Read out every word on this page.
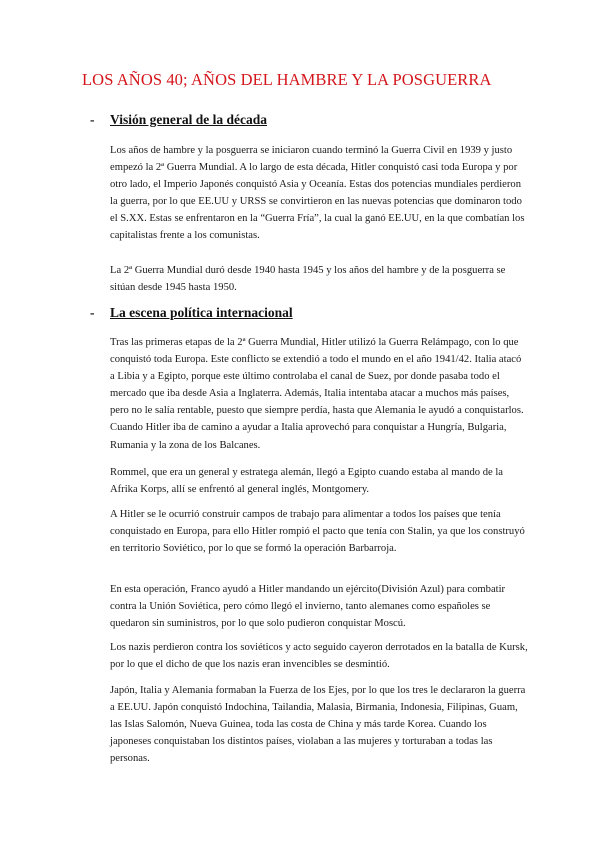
LOS AÑOS 40; AÑOS DEL HAMBRE Y LA POSGUERRA
- Visión general de la década

Los años de hambre y la posguerra se iniciaron cuando terminó la Guerra Civil en 1939 y justo empezó la 2ª Guerra Mundial. A lo largo de esta década, Hitler conquistó casi toda Europa y por otro lado, el Imperio Japonés conquistó Asia y Oceanía. Estas dos potencias mundiales perdieron la guerra, por lo que EE.UU y URSS se convirtieron en las nuevas potencias que dominaron todo el S.XX. Estas se enfrentaron en la “Guerra Fría”, la cual la ganó EE.UU, en la que combatían los capitalistas frente a los comunistas.

La 2ª Guerra Mundial duró desde 1940 hasta 1945 y los años del hambre y de la posguerra se sitúan desde 1945 hasta 1950.

- La escena política internacional

Tras las primeras etapas de la 2ª Guerra Mundial, Hitler utilizó la Guerra Relámpago, con lo que conquistó toda Europa. Este conflicto se extendió a todo el mundo en el año 1941/42. Italia atacó a Libia y a Egipto, porque este último controlaba el canal de Suez, por donde pasaba todo el mercado que iba desde Asia a Inglaterra. Además, Italia intentaba atacar a muchos más países, pero no le salía rentable, puesto que siempre perdía, hasta que Alemania le ayudó a conquistarlos. Cuando Hitler iba de camino a ayudar a Italia aprovechó para conquistar a Hungría, Bulgaria, Rumania y la zona de los Balcanes.

Rommel, que era un general y estratega alemán, llegó a Egipto cuando estaba al mando de la Afrika Korps, allí se enfrentó al general inglés, Montgomery.

A Hitler se le ocurrió construir campos de trabajo para alimentar a todos los países que tenía conquistado en Europa, para ello Hitler rompió el pacto que tenía con Stalin, ya que los construyó en territorio Soviético, por lo que se formó la operación Barbarroja.

En esta operación, Franco ayudó a Hitler mandando un ejército(División Azul) para combatir contra la Unión Soviética, pero cómo llegó el invierno, tanto alemanes como españoles se quedaron sin suministros, por lo que solo pudieron conquistar Moscú.

Los nazis perdieron contra los soviéticos y acto seguido cayeron derrotados en la batalla de Kursk, por lo que el dicho de que los nazis eran invencibles se desmintió.

Japón, Italia y Alemania formaban la Fuerza de los Ejes, por lo que los tres le declararon la guerra a EE.UU. Japón conquistó Indochina, Tailandia, Malasia, Birmania, Indonesia, Filipinas, Guam, las Islas Salomón, Nueva Guinea, toda las costa de China y más tarde Korea. Cuando los japoneses conquistaban los distintos países, violaban a las mujeres y torturaban a todas las personas.
